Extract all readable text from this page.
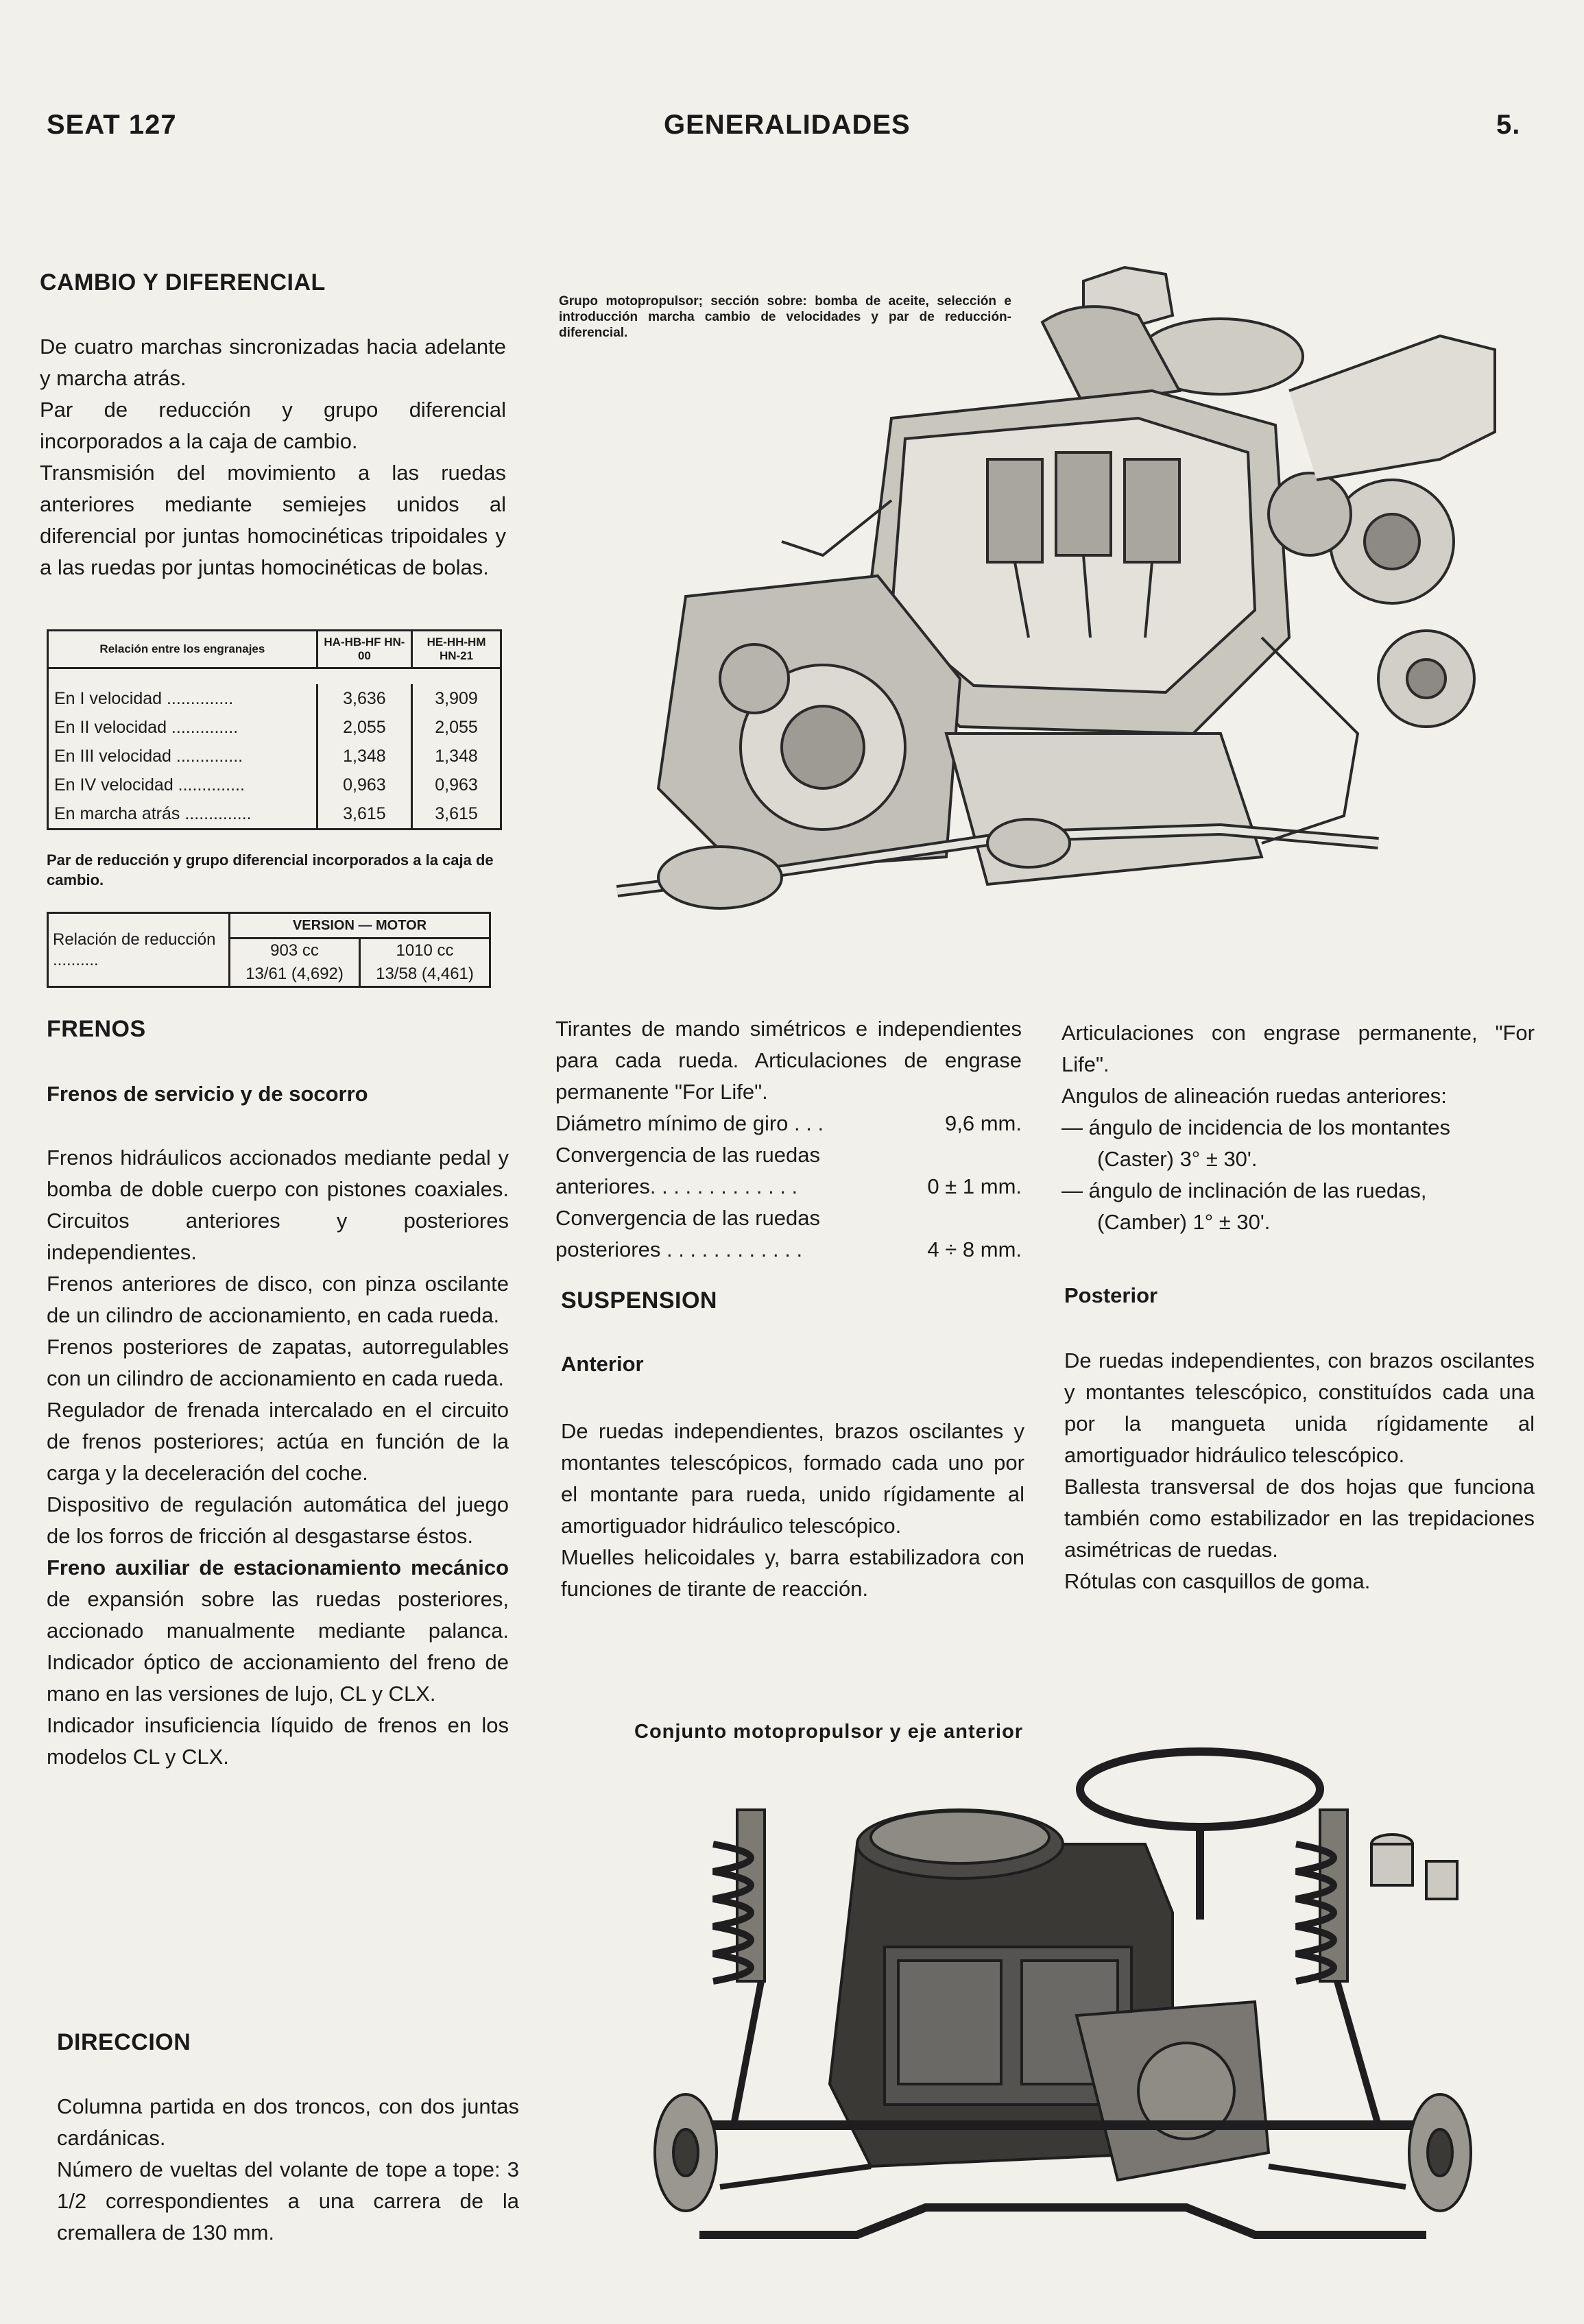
SEAT 127	GENERALIDADES	5.
CAMBIO Y DIFERENCIAL

De cuatro marchas sincronizadas hacia adelante y marcha atrás.

Par de reducción y grupo diferencial incorporados a la caja de cambio.

Transmisión del movimiento a las ruedas anteriores mediante semiejes unidos al diferencial por juntas homocinéticas tripoidales y a las ruedas por juntas homocinéticas de bolas.

Relación entre los engranajes	HA-HB-HF HN-00	HE-HH-HM HN-21

En I velocidad ..............	3,636	3,909
En II velocidad ..............	2,055	2,055
En III velocidad ..............	1,348	1,348
En IV velocidad ..............	0,963	0,963
En marcha atrás ..............	3,615	3,615
Par de reducción y grupo diferencial incorporados a la caja de cambio.
Relación de reducción ..........	VERSION — MOTOR	
	903 cc	1010 cc
	13/61 (4,692)	13/58 (4,461)
Grupo motopropulsor; sección sobre: bomba de aceite, selección e introducción marcha cambio de velocidades y par de reducción-diferencial.
FRENOS
Frenos de servicio y de socorro

Frenos hidráulicos accionados mediante pedal y bomba de doble cuerpo con pistones coaxiales. Circuitos anteriores y posteriores independientes.

Frenos anteriores de disco, con pinza oscilante de un cilindro de accionamiento, en cada rueda.

Frenos posteriores de zapatas, autorregulables con un cilindro de accionamiento en cada rueda.

Regulador de frenada intercalado en el circuito de frenos posteriores; actúa en función de la carga y la deceleración del coche.

Dispositivo de regulación automática del juego de los forros de fricción al desgastarse éstos.

Freno auxiliar de estacionamiento mecánico de expansión sobre las ruedas posteriores, accionado manualmente mediante palanca. Indicador óptico de accionamiento del freno de mano en las versiones de lujo, CL y CLX.

Indicador insuficiencia líquido de frenos en los modelos CL y CLX.

DIRECCION

Columna partida en dos troncos, con dos juntas cardánicas.

Número de vueltas del volante de tope a tope: 3 1/2 correspondientes a una carrera de la cremallera de 130 mm.

Tirantes de mando simétricos e independientes para cada rueda. Articulaciones de engrase permanente "For Life".
Diámetro mínimo de giro . . .	9,6 mm.
Convergencia de las ruedas
anteriores. . . . . . . . . . . . .	0 ± 1 mm.
Convergencia de las ruedas
posteriores . . . . . . . . . . . .	4 ÷ 8 mm.
SUSPENSION
Anterior

De ruedas independientes, brazos oscilantes y montantes telescópicos, formado cada uno por el montante para rueda, unido rígidamente al amortiguador hidráulico telescópico.

Muelles helicoidales y, barra estabilizadora con funciones de tirante de reacción.

Articulaciones con engrase permanente, "For Life".

Angulos de alineación ruedas anteriores:

— ángulo de incidencia de los montantes

(Caster) 3° ± 30'.

— ángulo de inclinación de las ruedas,

(Camber) 1° ± 30'.

Posterior

De ruedas independientes, con brazos oscilantes y montantes telescópico, constituídos cada una por la mangueta unida rígidamente al amortiguador hidráulico telescópico.

Ballesta transversal de dos hojas que funciona también como estabilizador en las trepidaciones asimétricas de ruedas.

Rótulas con casquillos de goma.

Conjunto motopropulsor y eje anterior
